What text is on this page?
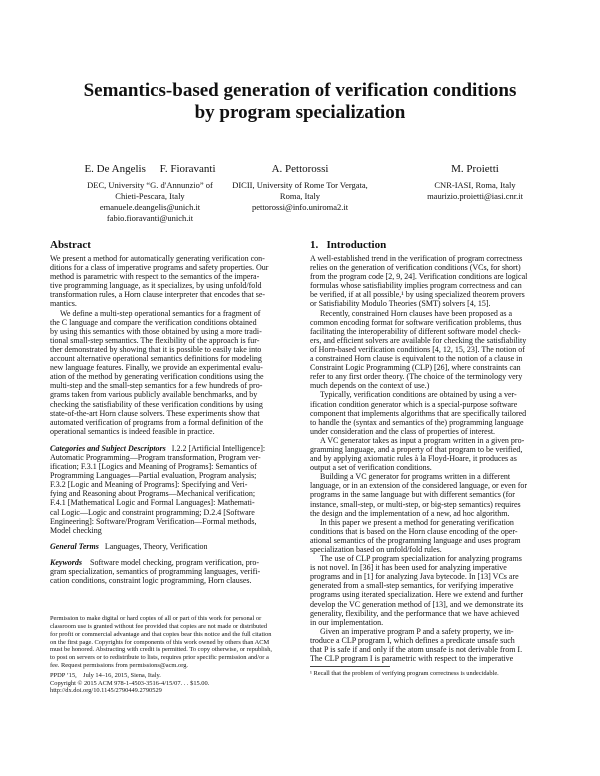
Semantics-based generation of verification conditions
by program specialization
E. De Angelis     F. Fioravanti
DEC, University “G. d'Annunzio” of
Chieti-Pescara, Italy
emanuele.deangelis@unich.it
fabio.fioravanti@unich.it
A. Pettorossi
DICII, University of Rome Tor Vergata,
Roma, Italy
pettorossi@info.uniroma2.it
M. Proietti
CNR-IASI, Roma, Italy
maurizio.proietti@iasi.cnr.it
Abstract
We present a method for automatically generating verification con-
ditions for a class of imperative programs and safety properties. Our
method is parametric with respect to the semantics of the impera-
tive programming language, as it specializes, by using unfold/fold
transformation rules, a Horn clause interpreter that encodes that se-
mantics.
We define a multi-step operational semantics for a fragment of
the C language and compare the verification conditions obtained
by using this semantics with those obtained by using a more tradi-
tional small-step semantics. The flexibility of the approach is fur-
ther demonstrated by showing that it is possible to easily take into
account alternative operational semantics definitions for modeling
new language features. Finally, we provide an experimental evalu-
ation of the method by generating verification conditions using the
multi-step and the small-step semantics for a few hundreds of pro-
grams taken from various publicly available benchmarks, and by
checking the satisfiability of these verification conditions by using
state-of-the-art Horn clause solvers. These experiments show that
automated verification of programs from a formal definition of the
operational semantics is indeed feasible in practice.
Categories and Subject Descriptors I.2.2 [Artificial Intelligence]:
Automatic Programming—Program transformation, Program ver-
ification; F.3.1 [Logics and Meaning of Programs]: Semantics of
Programming Languages—Partial evaluation, Program analysis;
F.3.2 [Logic and Meaning of Programs]: Specifying and Veri-
fying and Reasoning about Programs—Mechanical verification;
F.4.1 [Mathematical Logic and Formal Languages]: Mathemati-
cal Logic—Logic and constraint programming; D.2.4 [Software
Engineering]: Software/Program Verification—Formal methods,
Model checking
General Terms Languages, Theory, Verification
Keywords Software model checking, program verification, pro-
gram specialization, semantics of programming languages, verifi-
cation conditions, constraint logic programming, Horn clauses.
Permission to make digital or hard copies of all or part of this work for personal or
classroom use is granted without fee provided that copies are not made or distributed
for profit or commercial advantage and that copies bear this notice and the full citation
on the first page. Copyrights for components of this work owned by others than ACM
must be honored. Abstracting with credit is permitted. To copy otherwise, or republish,
to post on servers or to redistribute to lists, requires prior specific permission and/or a
fee. Request permissions from permissions@acm.org.
PPDP ’15,    July 14–16, 2015, Siena, Italy.
Copyright © 2015 ACM 978-1-4503-3516-4/15/07. . . $15.00.
http://dx.doi.org/10.1145/2790449.2790529
1.   Introduction
A well-established trend in the verification of program correctness
relies on the generation of verification conditions (VCs, for short)
from the program code [2, 9, 24]. Verification conditions are logical
formulas whose satisfiability implies program correctness and can
be verified, if at all possible,¹ by using specialized theorem provers
or Satisfiability Modulo Theories (SMT) solvers [4, 15].
Recently, constrained Horn clauses have been proposed as a
common encoding format for software verification problems, thus
facilitating the interoperability of different software model check-
ers, and efficient solvers are available for checking the satisfiability
of Horn-based verification conditions [4, 12, 15, 23]. The notion of
a constrained Horn clause is equivalent to the notion of a clause in
Constraint Logic Programming (CLP) [26], where constraints can
refer to any first order theory. (The choice of the terminology very
much depends on the context of use.)
Typically, verification conditions are obtained by using a ver-
ification condition generator which is a special-purpose software
component that implements algorithms that are specifically tailored
to handle the (syntax and semantics of the) programming language
under consideration and the class of properties of interest.
A VC generator takes as input a program written in a given pro-
gramming language, and a property of that program to be verified,
and by applying axiomatic rules à la Floyd-Hoare, it produces as
output a set of verification conditions.
Building a VC generator for programs written in a different
language, or in an extension of the considered language, or even for
programs in the same language but with different semantics (for
instance, small-step, or multi-step, or big-step semantics) requires
the design and the implementation of a new, ad hoc algorithm.
In this paper we present a method for generating verification
conditions that is based on the Horn clause encoding of the oper-
ational semantics of the programming language and uses program
specialization based on unfold/fold rules.
The use of CLP program specialization for analyzing programs
is not novel. In [36] it has been used for analyzing imperative
programs and in [1] for analyzing Java bytecode. In [13] VCs are
generated from a small-step semantics, for verifying imperative
programs using iterated specialization. Here we extend and further
develop the VC generation method of [13], and we demonstrate its
generality, flexibility, and the performance that we have achieved
in our implementation.
Given an imperative program P and a safety property, we in-
troduce a CLP program I, which defines a predicate unsafe such
that P is safe if and only if the atom unsafe is not derivable from I.
The CLP program I is parametric with respect to the imperative
¹ Recall that the problem of verifying program correctness is undecidable.
